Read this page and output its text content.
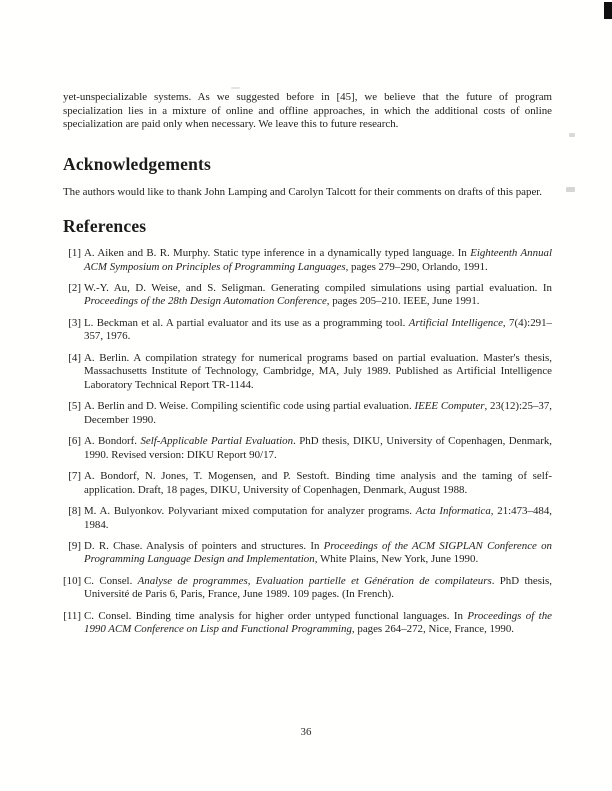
yet-unspecializable systems. As we suggested before in [45], we believe that the future of program specialization lies in a mixture of online and offline approaches, in which the additional costs of online specialization are paid only when necessary. We leave this to future research.

Acknowledgements

The authors would like to thank John Lamping and Carolyn Talcott for their comments on drafts of this paper.

References
[1] A. Aiken and B. R. Murphy. Static type inference in a dynamically typed language. In Eighteenth Annual ACM Symposium on Principles of Programming Languages, pages 279–290, Orlando, 1991.
[2] W.-Y. Au, D. Weise, and S. Seligman. Generating compiled simulations using partial evaluation. In Proceedings of the 28th Design Automation Conference, pages 205–210. IEEE, June 1991.
[3] L. Beckman et al. A partial evaluator and its use as a programming tool. Artificial Intelligence, 7(4):291–357, 1976.
[4] A. Berlin. A compilation strategy for numerical programs based on partial evaluation. Master's thesis, Massachusetts Institute of Technology, Cambridge, MA, July 1989. Published as Artificial Intelligence Laboratory Technical Report TR-1144.
[5] A. Berlin and D. Weise. Compiling scientific code using partial evaluation. IEEE Computer, 23(12):25–37, December 1990.
[6] A. Bondorf. Self-Applicable Partial Evaluation. PhD thesis, DIKU, University of Copenhagen, Denmark, 1990. Revised version: DIKU Report 90/17.
[7] A. Bondorf, N. Jones, T. Mogensen, and P. Sestoft. Binding time analysis and the taming of self-application. Draft, 18 pages, DIKU, University of Copenhagen, Denmark, August 1988.
[8] M. A. Bulyonkov. Polyvariant mixed computation for analyzer programs. Acta Informatica, 21:473–484, 1984.
[9] D. R. Chase. Analysis of pointers and structures. In Proceedings of the ACM SIGPLAN Conference on Programming Language Design and Implementation, White Plains, New York, June 1990.
[10] C. Consel. Analyse de programmes, Evaluation partielle et Génération de compilateurs. PhD thesis, Université de Paris 6, Paris, France, June 1989. 109 pages. (In French).
[11] C. Consel. Binding time analysis for higher order untyped functional languages. In Proceedings of the 1990 ACM Conference on Lisp and Functional Programming, pages 264–272, Nice, France, 1990.
36
